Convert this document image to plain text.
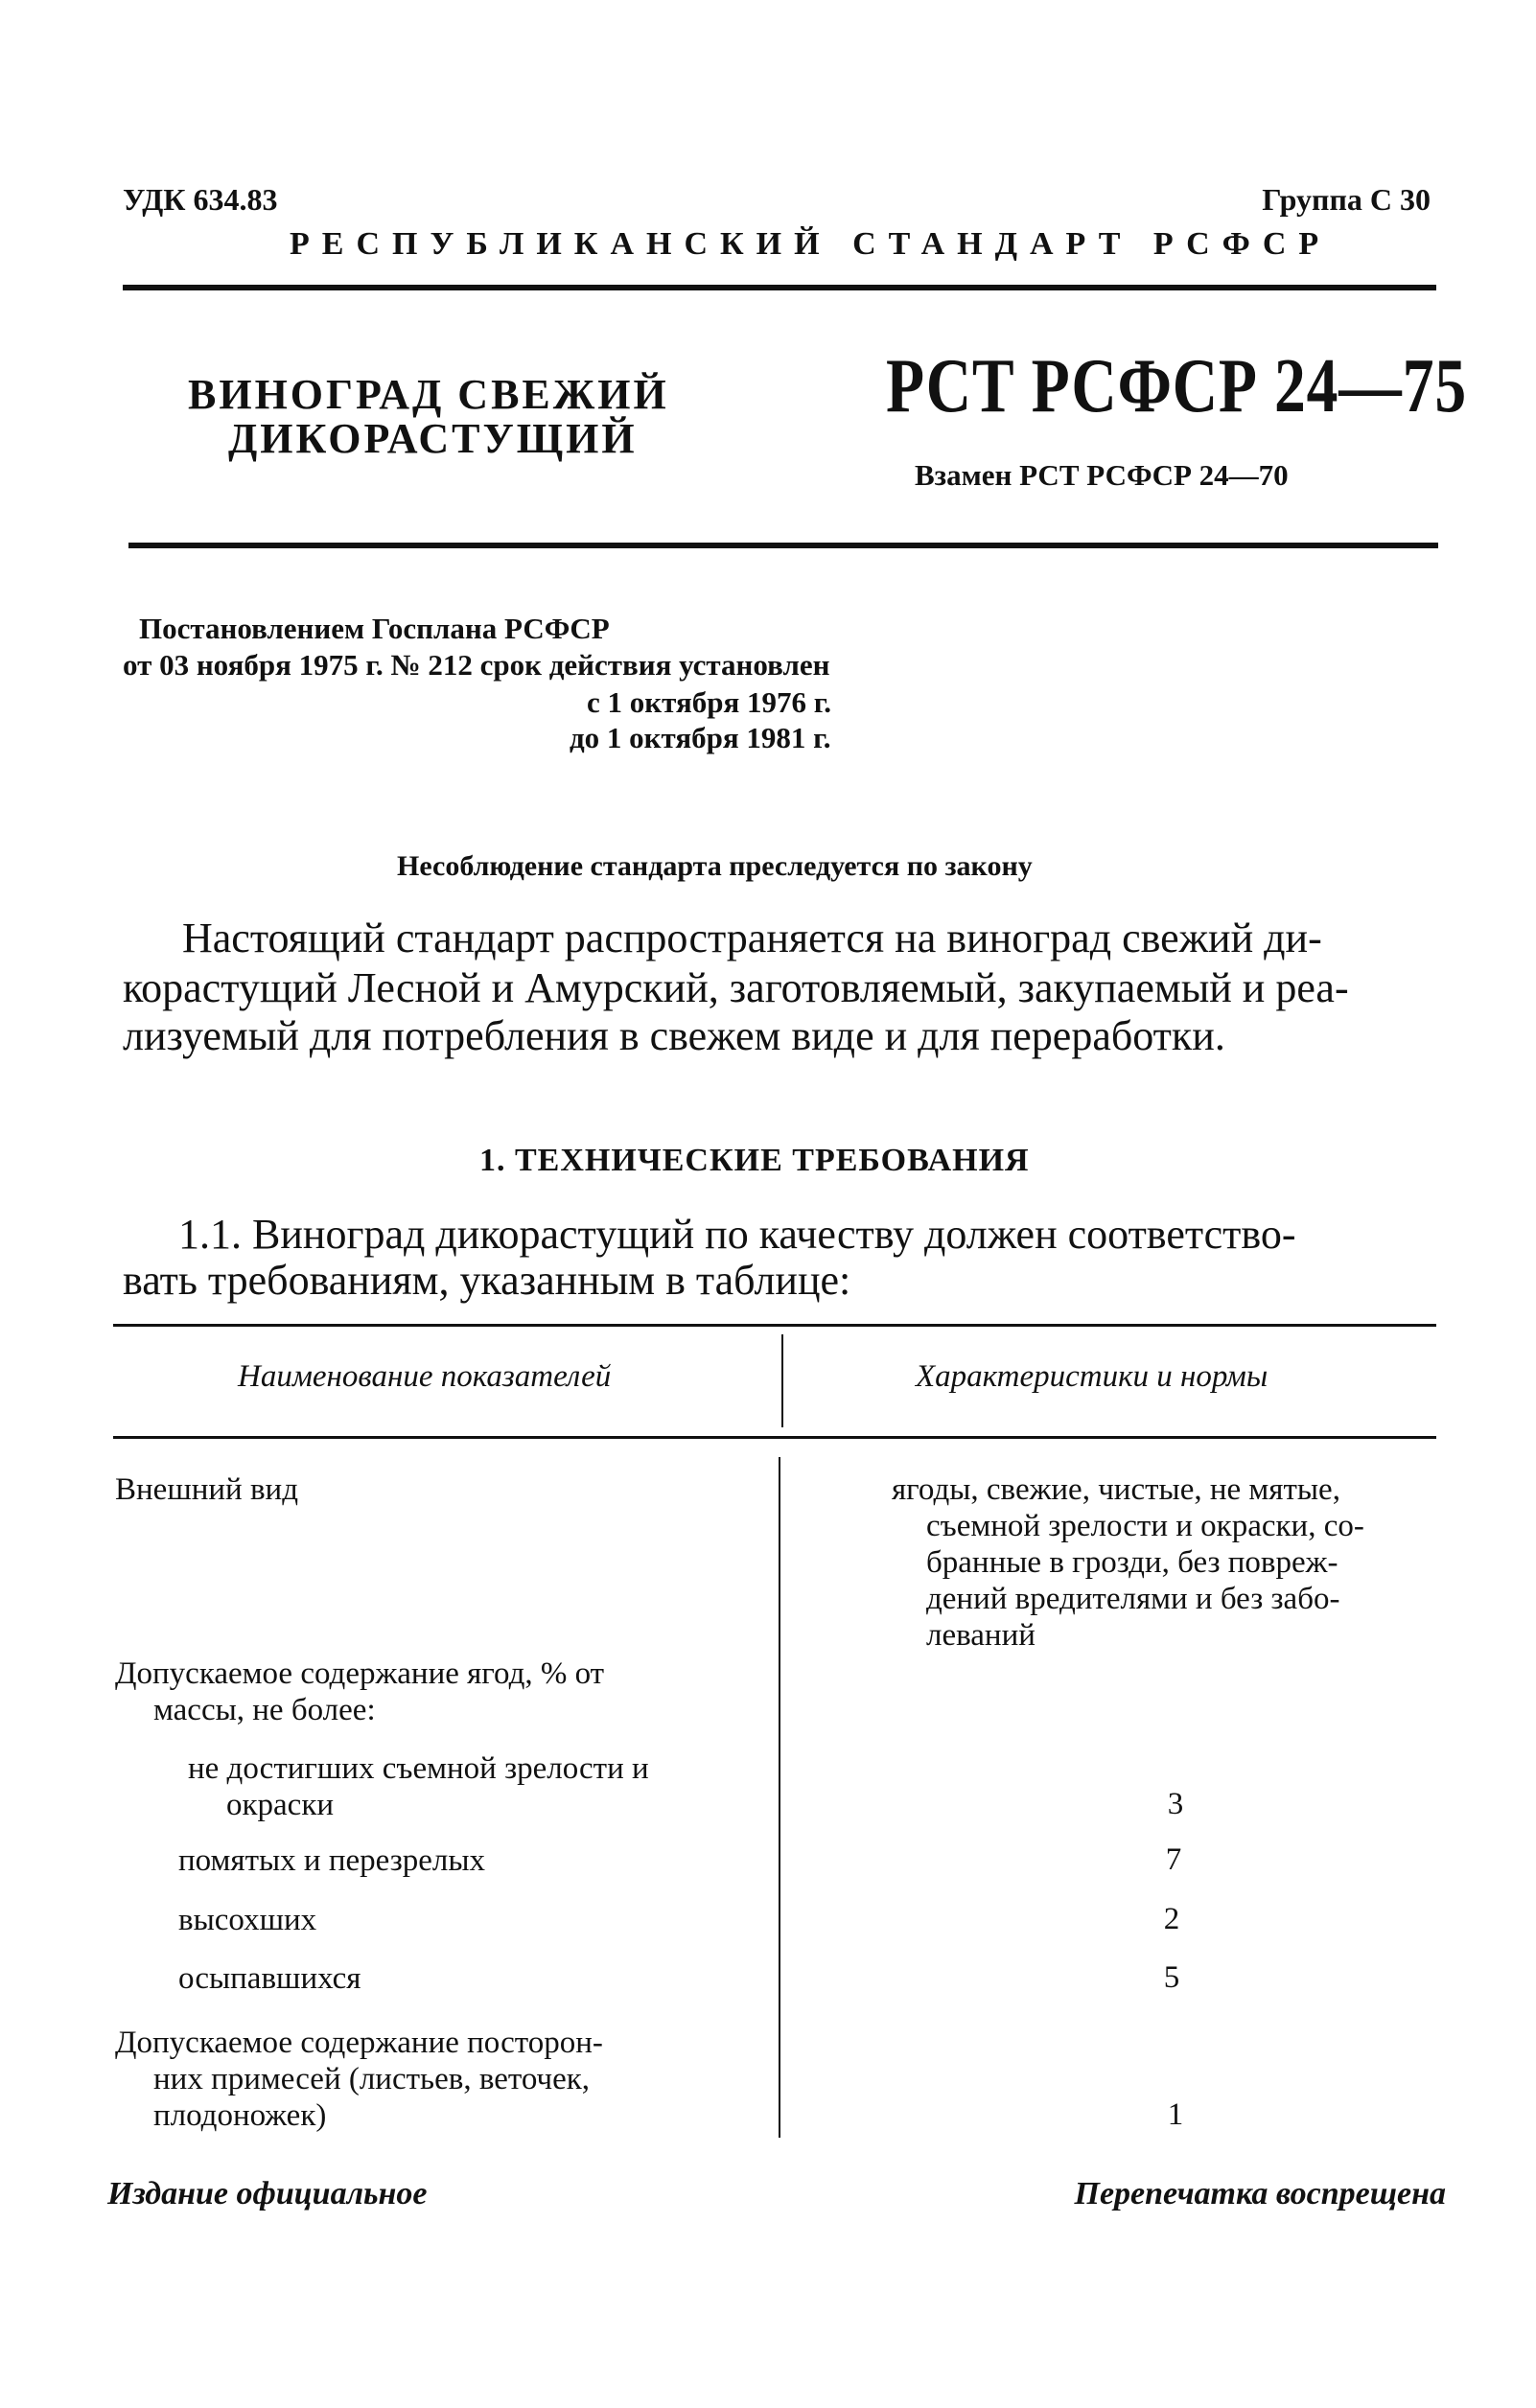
УДК 634.83	Группа С 30
РЕСПУБЛИКАНСКИЙ СТАНДАРТ РСФСР
ВИНОГРАД СВЕЖИЙ
ДИКОРАСТУЩИЙ
РСТ РСФСР 24—75
Взамен РСТ РСФСР 24—70
Постановлением Госплана РСФСР
от 03 ноября 1975 г. № 212 срок действия установлен
с 1 октября 1976 г.
до 1 октября 1981 г.
Несоблюдение стандарта преследуется по закону
Настоящий стандарт распространяется на виноград свежий ди-
корастущий Лесной и Амурский, заготовляемый, закупаемый и реа-
лизуемый для потребления в свежем виде и для переработки.
1. ТЕХНИЧЕСКИЕ ТРЕБОВАНИЯ
1.1. Виноград дикорастущий по качеству должен соответство-
вать требованиям, указанным в таблице:
Наименование показателей	Характеристики и нормы
Внешний вид	ягоды, свежие, чистые, не мятые,
съемной зрелости и окраски, со-
бранные в грозди, без повреж-
дений вредителями и без забо-
леваний
Допускаемое содержание ягод, % от
массы, не более:
не достигших съемной зрелости и
окраски	3
помятых и перезрелых	7
высохших	2
осыпавшихся	5
Допускаемое содержание посторон-
них примесей (листьев, веточек,
плодоножек)	1
Издание официальное	Перепечатка воспрещена
